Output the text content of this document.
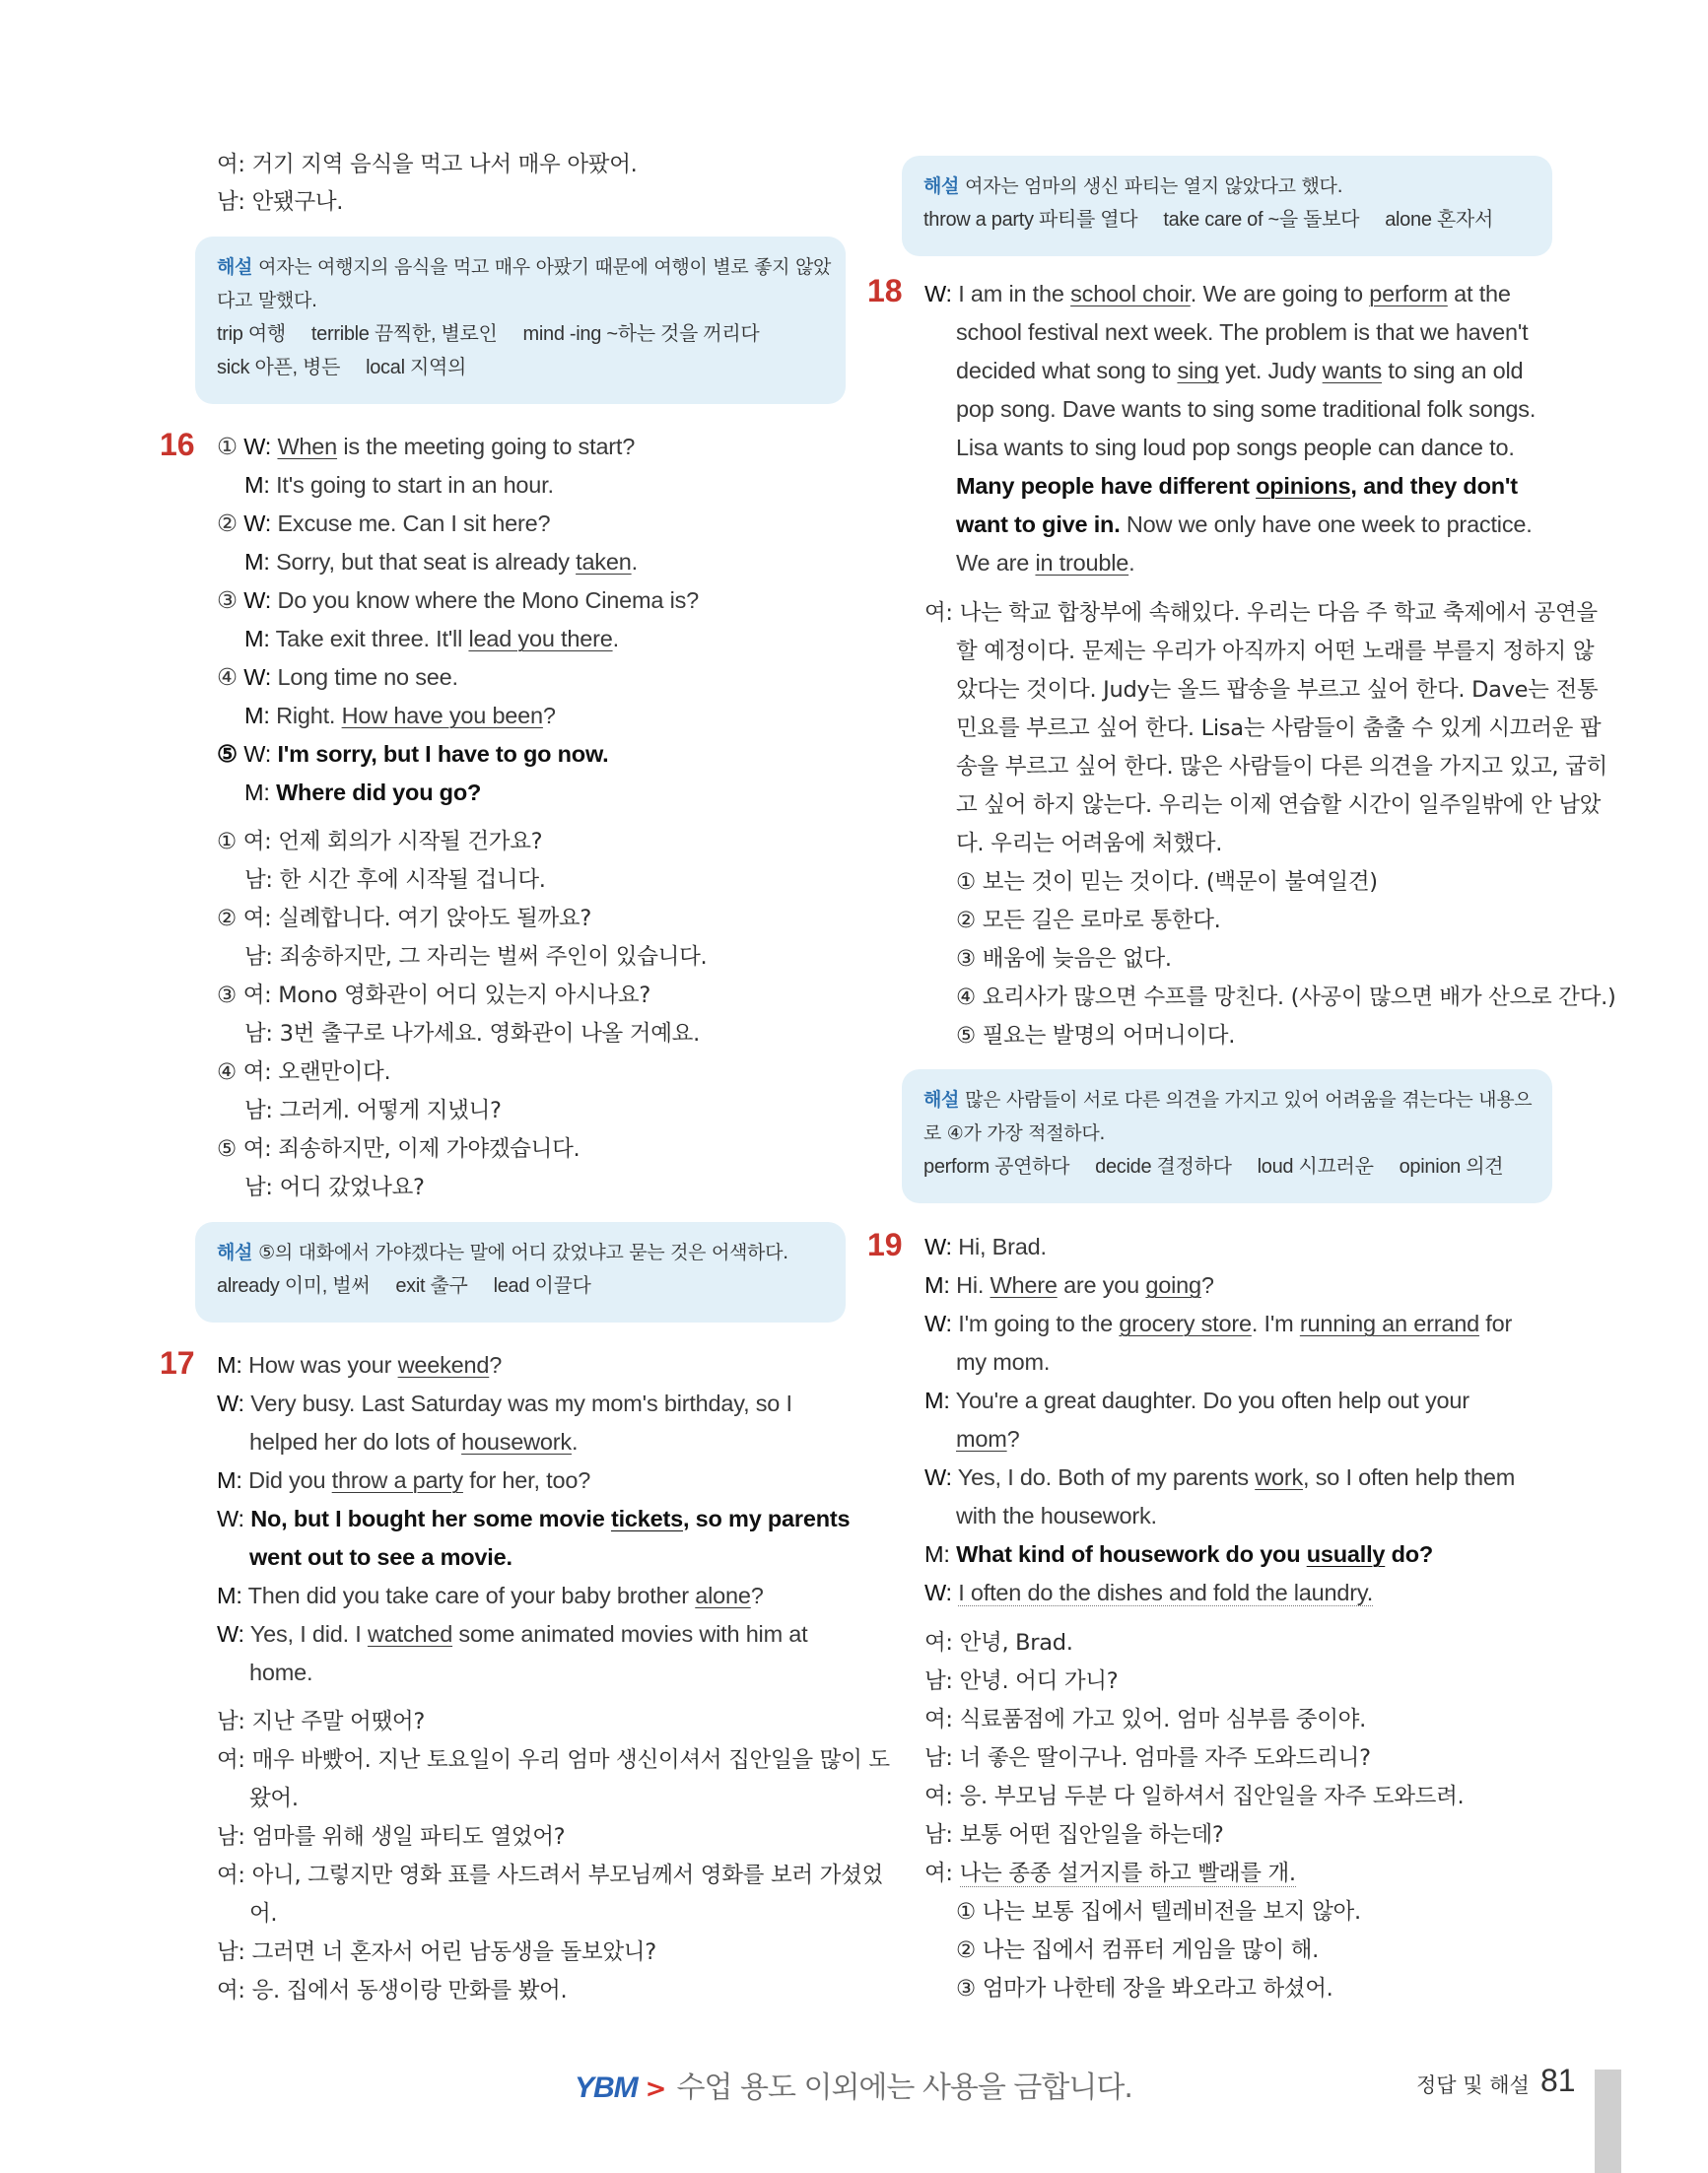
여: 거기 지역 음식을 먹고 나서 매우 아팠어.
남: 안됐구나.
해설 여자는 여행지의 음식을 먹고 매우 아팠기 때문에 여행이 별로 좋지 않았
다고 말했다.
trip 여행 terrible 끔찍한, 별로인 mind -ing ~하는 것을 꺼리다
sick 아픈, 병든 local 지역의
16 ① W: When is the meeting going to start?
M: It's going to start in an hour.
② W: Excuse me. Can I sit here?
M: Sorry, but that seat is already taken.
③ W: Do you know where the Mono Cinema is?
M: Take exit three. It'll lead you there.
④ W: Long time no see.
M: Right. How have you been?
⑤ W: I'm sorry, but I have to go now.
M: Where did you go?
① 여: 언제 회의가 시작될 건가요?
남: 한 시간 후에 시작될 겁니다.
② 여: 실례합니다. 여기 앉아도 될까요?
남: 죄송하지만, 그 자리는 벌써 주인이 있습니다.
③ 여: Mono 영화관이 어디 있는지 아시나요?
남: 3번 출구로 나가세요. 영화관이 나올 거예요.
④ 여: 오랜만이다.
남: 그러게. 어떻게 지냈니?
⑤ 여: 죄송하지만, 이제 가야겠습니다.
남: 어디 갔었나요?
해설 ⑤의 대화에서 가야겠다는 말에 어디 갔었냐고 묻는 것은 어색하다.
already 이미, 벌써 exit 출구 lead 이끌다
17 M: How was your weekend?
W: Very busy. Last Saturday was my mom's birthday, so I
helped her do lots of housework.
M: Did you throw a party for her, too?
W: No, but I bought her some movie tickets, so my parents
went out to see a movie.
M: Then did you take care of your baby brother alone?
W: Yes, I did. I watched some animated movies with him at
home.
남: 지난 주말 어땠어?
여: 매우 바빴어. 지난 토요일이 우리 엄마 생신이셔서 집안일을 많이 도
왔어.
남: 엄마를 위해 생일 파티도 열었어?
여: 아니, 그렇지만 영화 표를 사드려서 부모님께서 영화를 보러 가셨었
어.
남: 그러면 너 혼자서 어린 남동생을 돌보았니?
여: 응. 집에서 동생이랑 만화를 봤어.
해설 여자는 엄마의 생신 파티는 열지 않았다고 했다.
throw a party 파티를 열다 take care of ~을 돌보다 alone 혼자서
18 W: I am in the school choir. We are going to perform at the
school festival next week. The problem is that we haven't
decided what song to sing yet. Judy wants to sing an old
pop song. Dave wants to sing some traditional folk songs.
Lisa wants to sing loud pop songs people can dance to.
Many people have different opinions, and they don't
want to give in. Now we only have one week to practice.
We are in trouble.
여: 나는 학교 합창부에 속해있다. 우리는 다음 주 학교 축제에서 공연을
할 예정이다. 문제는 우리가 아직까지 어떤 노래를 부를지 정하지 않
았다는 것이다. Judy는 올드 팝송을 부르고 싶어 한다. Dave는 전통
민요를 부르고 싶어 한다. Lisa는 사람들이 춤출 수 있게 시끄러운 팝
송을 부르고 싶어 한다. 많은 사람들이 다른 의견을 가지고 있고, 굽히
고 싶어 하지 않는다. 우리는 이제 연습할 시간이 일주일밖에 안 남았
다. 우리는 어려움에 처했다.
① 보는 것이 믿는 것이다. (백문이 불여일견)
② 모든 길은 로마로 통한다.
③ 배움에 늦음은 없다.
④ 요리사가 많으면 수프를 망친다. (사공이 많으면 배가 산으로 간다.)
⑤ 필요는 발명의 어머니이다.
해설 많은 사람들이 서로 다른 의견을 가지고 있어 어려움을 겪는다는 내용으
로 ④가 가장 적절하다.
perform 공연하다 decide 결정하다 loud 시끄러운 opinion 의견
19 W: Hi, Brad.
M: Hi. Where are you going?
W: I'm going to the grocery store. I'm running an errand for
my mom.
M: You're a great daughter. Do you often help out your
mom?
W: Yes, I do. Both of my parents work, so I often help them
with the housework.
M: What kind of housework do you usually do?
W: I often do the dishes and fold the laundry.
여: 안녕, Brad.
남: 안녕. 어디 가니?
여: 식료품점에 가고 있어. 엄마 심부름 중이야.
남: 너 좋은 딸이구나. 엄마를 자주 도와드리니?
여: 응. 부모님 두분 다 일하셔서 집안일을 자주 도와드려.
남: 보통 어떤 집안일을 하는데?
여: 나는 종종 설거지를 하고 빨래를 개.
① 나는 보통 집에서 텔레비전을 보지 않아.
② 나는 집에서 컴퓨터 게임을 많이 해.
③ 엄마가 나한테 장을 봐오라고 하셨어.
YBM > 수업 용도 이외에는 사용을 금합니다.	정답 및 해설 81
